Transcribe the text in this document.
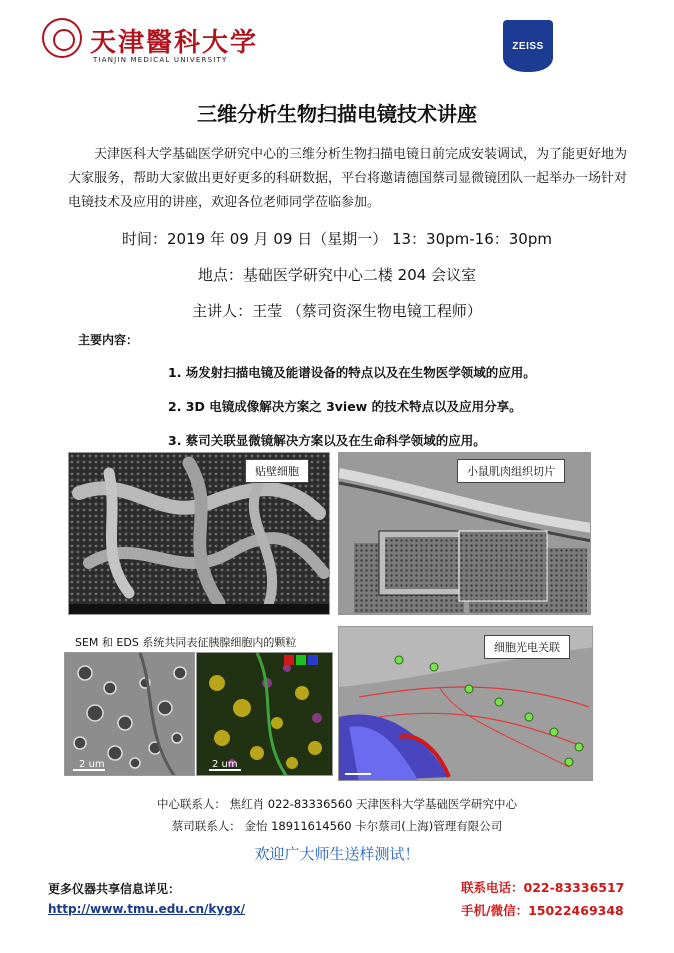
天津醫科大学
TIANJIN MEDICAL UNIVERSITY
ZEISS
三维分析生物扫描电镜技术讲座
天津医科大学基础医学研究中心的三维分析生物扫描电镜日前完成安装调试，为了能更好地为大家服务，帮助大家做出更好更多的科研数据，平台将邀请德国蔡司显微镜团队一起举办一场针对电镜技术及应用的讲座，欢迎各位老师同学莅临参加。
时间：2019 年 09 月 09 日（星期一） 13：30pm-16：30pm
地点：基础医学研究中心二楼 204 会议室
主讲人：王莹 （蔡司资深生物电镜工程师）
主要内容：
1. 场发射扫描电镜及能谱设备的特点以及在生物医学领域的应用。
2. 3D 电镜成像解决方案之 3view 的技术特点以及应用分享。
3. 蔡司关联显微镜解决方案以及在生命科学领域的应用。
贴壁细胞	小鼠肌肉组织切片
SEM 和 EDS 系统共同表征胰腺细胞内的颗粒
2 um	2 um
细胞光电关联
中心联系人： 焦红肖 022-83336560 天津医科大学基础医学研究中心
蔡司联系人： 金怡 18911614560 卡尔蔡司(上海)管理有限公司
欢迎广大师生送样测试！
更多仪器共享信息详见：
http://www.tmu.edu.cn/kygx/
联系电话：022-83336517
手机/微信：15022469348
